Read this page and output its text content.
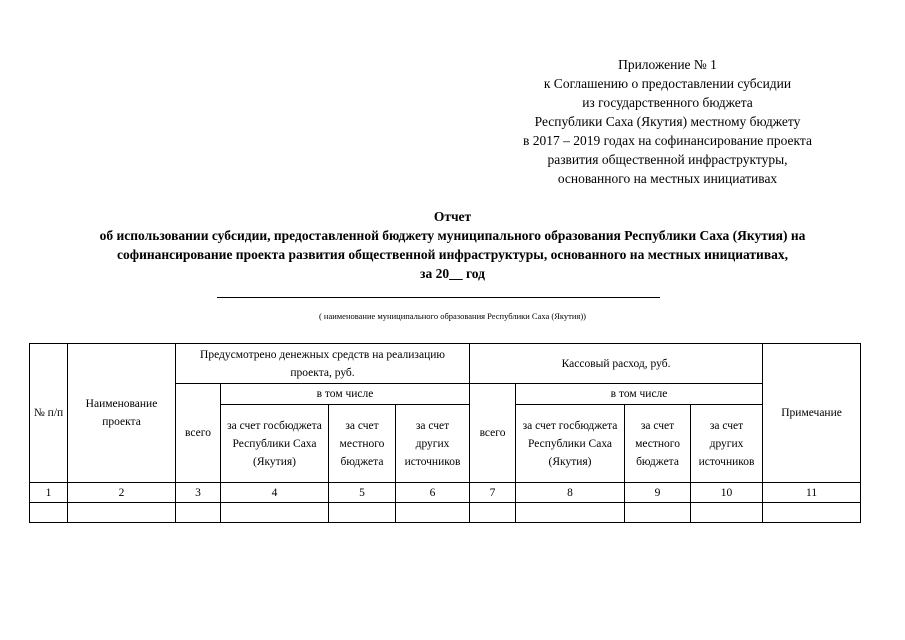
Приложение № 1
к Соглашению о предоставлении субсидии
из государственного бюджета
Республики Саха (Якутия) местному бюджету
в 2017 – 2019 годах на софинансирование проекта
развития общественной инфраструктуры,
основанного на местных инициативах
Отчет
об использовании субсидии, предоставленной бюджету муниципального образования Республики Саха (Якутия) на
софинансирование проекта развития общественной инфраструктуры, основанного на местных инициативах,
за 20__ год
( наименование муниципального образования Республики Саха (Якутия))
№ п/п	Наименование проекта	Предусмотрено денежных средств на реализацию проекта, руб.				Кассовый расход, руб.				Примечание
		всего	в том числе			всего	в том числе			
			за счет госбюджета Республики Саха (Якутия)	за счет местного бюджета	за счет других источников		за счет госбюджета Республики Саха (Якутия)	за счет местного бюджета	за счет других источников	
1	2	3	4	5	6	7	8	9	10	11
